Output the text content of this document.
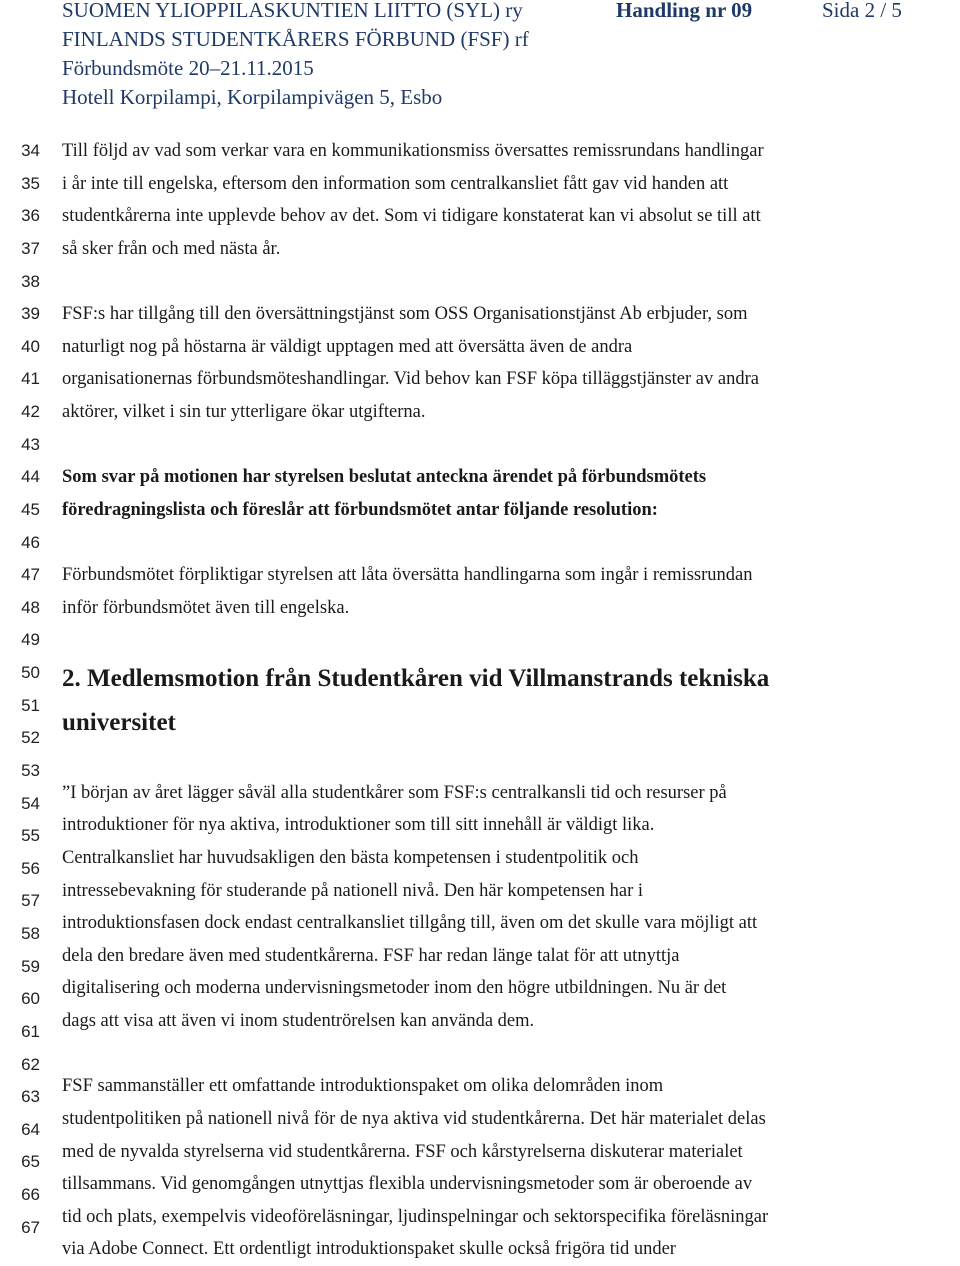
SUOMEN YLIOPPILASKUNTIEN LIITTO (SYL) ry
FINLANDS STUDENTKÅRERS FÖRBUND (FSF) rf
Förbundsmöte 20–21.11.2015
Hotell Korpilampi, Korpilampivägen 5, Esbo
Handling nr 09	Sida 2 / 5
34
35
36
37
38
39
40
41
42
43
44
45
46
47
48
49
50
51
52
53
54
55
56
57
58
59
60
61
62
63
64
65
66
67

Till följd av vad som verkar vara en kommunikationsmiss översattes remissrundans handlingar

i år inte till engelska, eftersom den information som centralkansliet fått gav vid handen att

studentkårerna inte upplevde behov av det. Som vi tidigare konstaterat kan vi absolut se till att

så sker från och med nästa år.

FSF:s har tillgång till den översättningstjänst som OSS Organisationstjänst Ab erbjuder, som

naturligt nog på höstarna är väldigt upptagen med att översätta även de andra

organisationernas förbundsmöteshandlingar. Vid behov kan FSF köpa tilläggstjänster av andra

aktörer, vilket i sin tur ytterligare ökar utgifterna.

Som svar på motionen har styrelsen beslutat anteckna ärendet på förbundsmötets

föredragningslista och föreslår att förbundsmötet antar följande resolution:

Förbundsmötet förpliktigar styrelsen att låta översätta handlingarna som ingår i remissrundan

inför förbundsmötet även till engelska.

2. Medlemsmotion från Studentkåren vid Villmanstrands tekniska

universitet

”I början av året lägger såväl alla studentkårer som FSF:s centralkansli tid och resurser på

introduktioner för nya aktiva, introduktioner som till sitt innehåll är väldigt lika.

Centralkansliet har huvudsakligen den bästa kompetensen i studentpolitik och

intressebevakning för studerande på nationell nivå. Den här kompetensen har i

introduktionsfasen dock endast centralkansliet tillgång till, även om det skulle vara möjligt att

dela den bredare även med studentkårerna. FSF har redan länge talat för att utnyttja

digitalisering och moderna undervisningsmetoder inom den högre utbildningen. Nu är det

dags att visa att även vi inom studentrörelsen kan använda dem.

FSF sammanställer ett omfattande introduktionspaket om olika delområden inom

studentpolitiken på nationell nivå för de nya aktiva vid studentkårerna. Det här materialet delas

med de nyvalda styrelserna vid studentkårerna. FSF och kårstyrelserna diskuterar materialet

tillsammans. Vid genomgången utnyttjas flexibla undervisningsmetoder som är oberoende av

tid och plats, exempelvis videoföreläsningar, ljudinspelningar och sektorspecifika föreläsningar

via Adobe Connect. Ett ordentligt introduktionspaket skulle också frigöra tid under
